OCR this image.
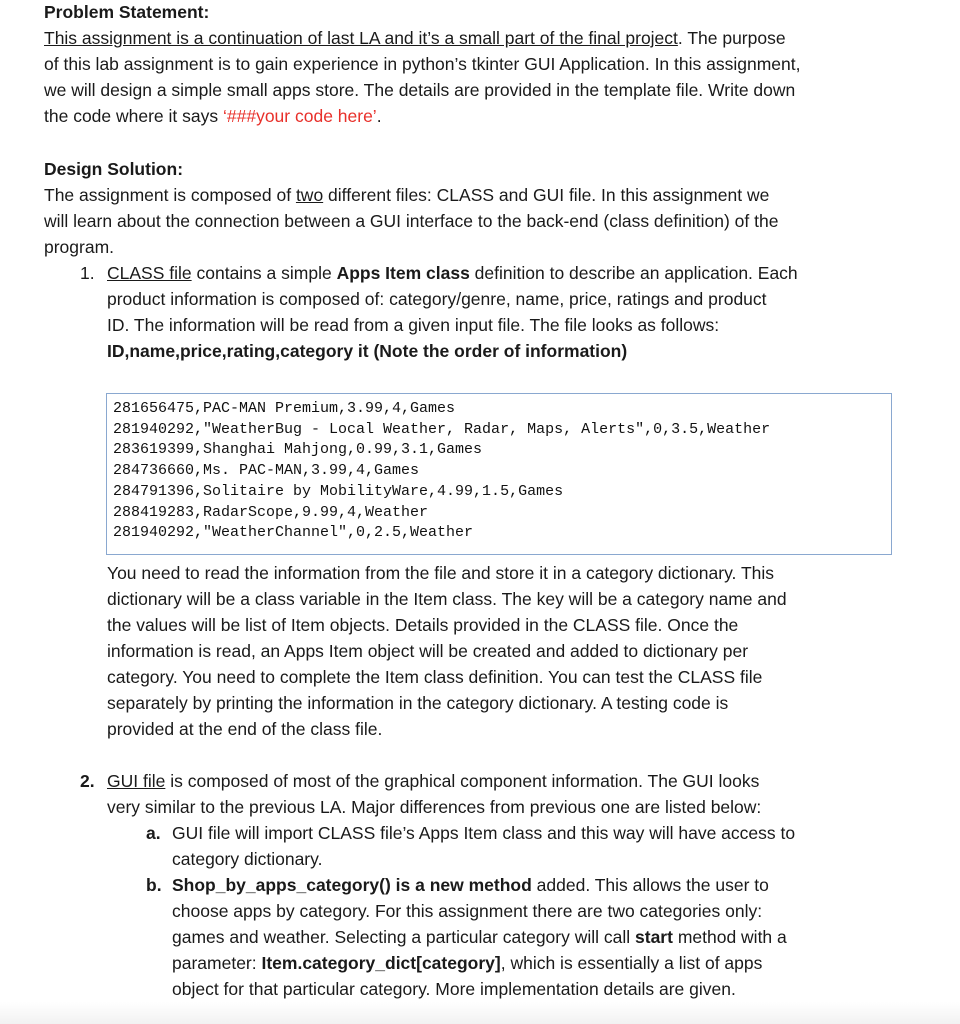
Problem Statement:
This assignment is a continuation of last LA and it’s a small part of the final project. The purpose
of this lab assignment is to gain experience in python’s tkinter GUI Application. In this assignment,
we will design a simple small apps store. The details are provided in the template file. Write down
the code where it says ‘###your code here’.
Design Solution:
The assignment is composed of two different files: CLASS and GUI file. In this assignment we
will learn about the connection between a GUI interface to the back-end (class definition) of the
program.
1. CLASS file contains a simple Apps Item class definition to describe an application. Each
product information is composed of: category/genre, name, price, ratings and product
ID. The information will be read from a given input file. The file looks as follows:
ID,name,price,rating,category it (Note the order of information)
281656475,PAC-MAN Premium,3.99,4,Games
281940292,"WeatherBug - Local Weather, Radar, Maps, Alerts",0,3.5,Weather
283619399,Shanghai Mahjong,0.99,3.1,Games
284736660,Ms. PAC-MAN,3.99,4,Games
284791396,Solitaire by MobilityWare,4.99,1.5,Games
288419283,RadarScope,9.99,4,Weather
281940292,"WeatherChannel",0,2.5,Weather
You need to read the information from the file and store it in a category dictionary. This
dictionary will be a class variable in the Item class. The key will be a category name and
the values will be list of Item objects. Details provided in the CLASS file. Once the
information is read, an Apps Item object will be created and added to dictionary per
category. You need to complete the Item class definition. You can test the CLASS file
separately by printing the information in the category dictionary. A testing code is
provided at the end of the class file.
2. GUI file is composed of most of the graphical component information. The GUI looks
very similar to the previous LA. Major differences from previous one are listed below:
a. GUI file will import CLASS file’s Apps Item class and this way will have access to
category dictionary.
b. Shop_by_apps_category() is a new method added. This allows the user to
choose apps by category. For this assignment there are two categories only:
games and weather. Selecting a particular category will call start method with a
parameter: Item.category_dict[category], which is essentially a list of apps
object for that particular category. More implementation details are given.
